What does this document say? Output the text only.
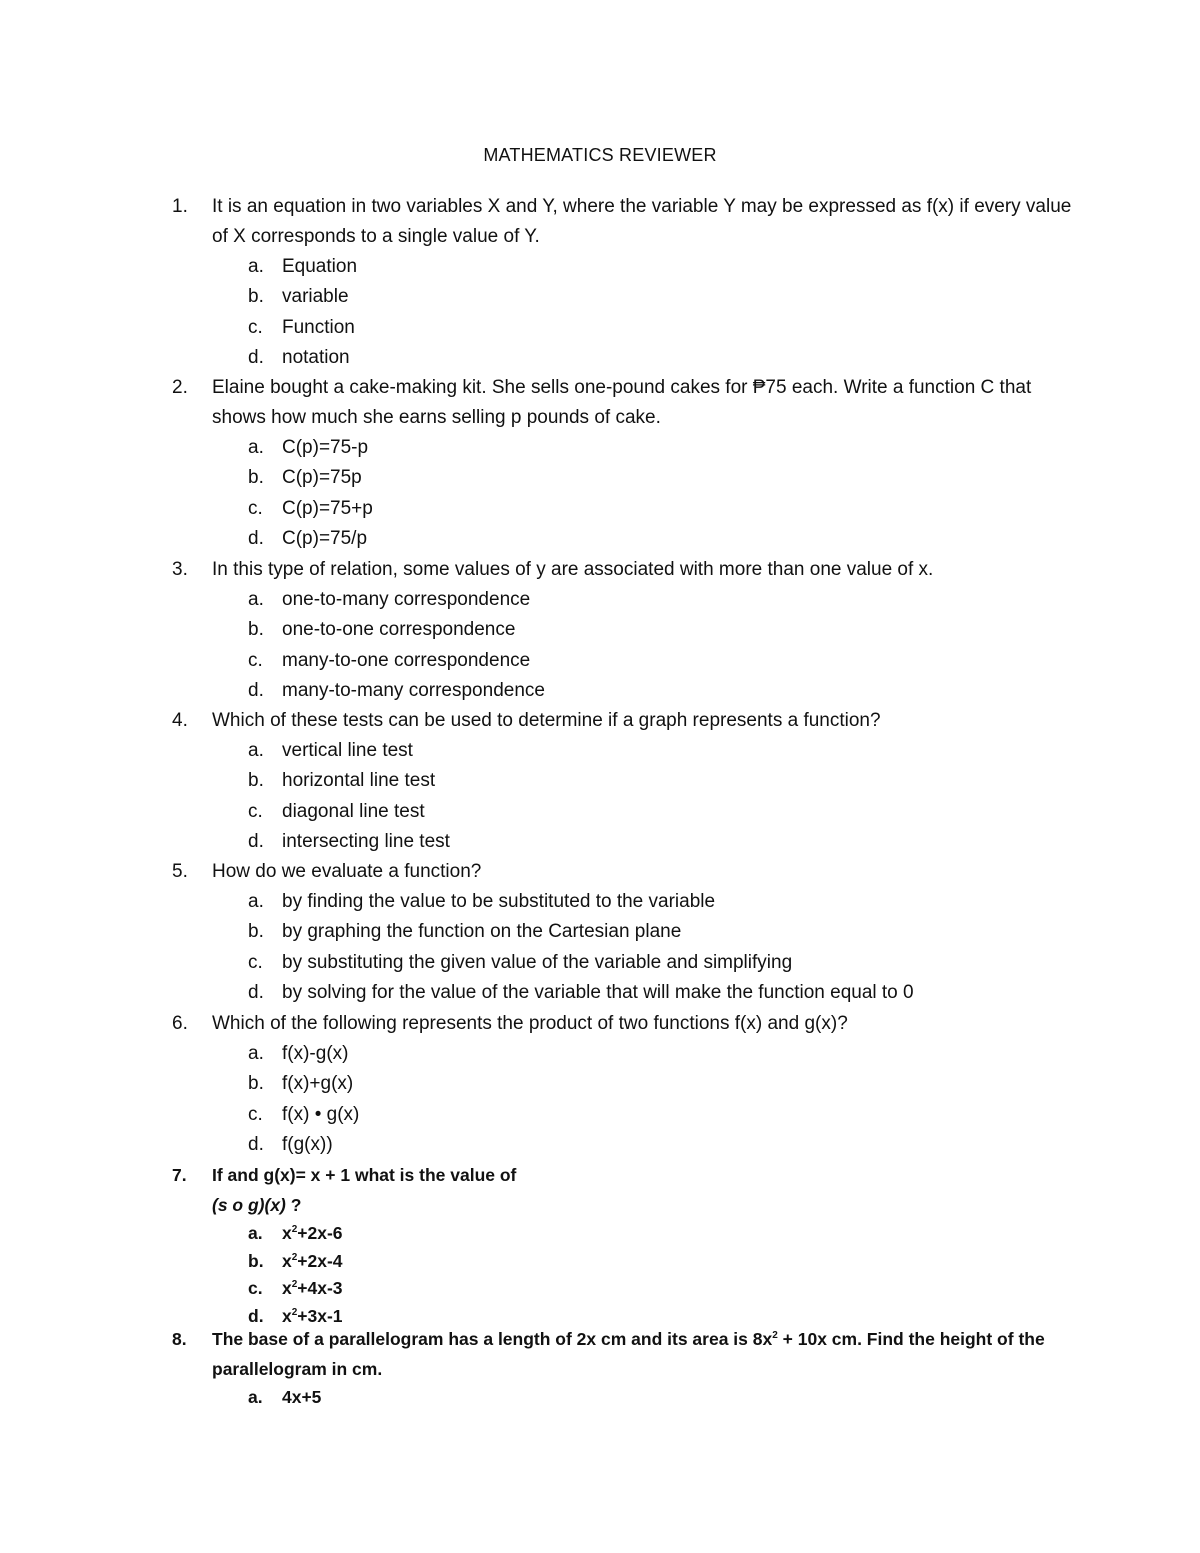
MATHEMATICS REVIEWER
1.	It is an equation in two variables X and Y, where the variable Y may be expressed as f(x) if every value of X corresponds to a single value of Y.
a. Equation
b. variable
c. Function
d. notation
2.	Elaine bought a cake-making kit. She sells one-pound cakes for ₱75 each. Write a function C that shows how much she earns selling p pounds of cake.
a. C(p)=75-p
b. C(p)=75p
c. C(p)=75+p
d. C(p)=75/p
3.	In this type of relation, some values of y are associated with more than one value of x.
a. one-to-many correspondence
b. one-to-one correspondence
c. many-to-one correspondence
d. many-to-many correspondence
4.	Which of these tests can be used to determine if a graph represents a function?
a. vertical line test
b. horizontal line test
c. diagonal line test
d. intersecting line test
5.	How do we evaluate a function?
a. by finding the value to be substituted to the variable
b. by graphing the function on the Cartesian plane
c. by substituting the given value of the variable and simplifying
d. by solving for the value of the variable that will make the function equal to 0
6.	Which of the following represents the product of two functions f(x) and g(x)?
a. f(x)-g(x)
b. f(x)+g(x)
c. f(x) • g(x)
d. f(g(x))
7.	If and g(x)= x + 1 what is the value of
(s o g)(x) ?
a. $x^2+2x-6$
b. $x^2+2x-4$
c. $x^2+4x-3$
d. $x^2+3x-1$
8.	The base of a parallelogram has a length of 2x cm and its area is $8x^2 + 10x$ cm. Find the height of the
parallelogram in cm.
a. 4x+5
